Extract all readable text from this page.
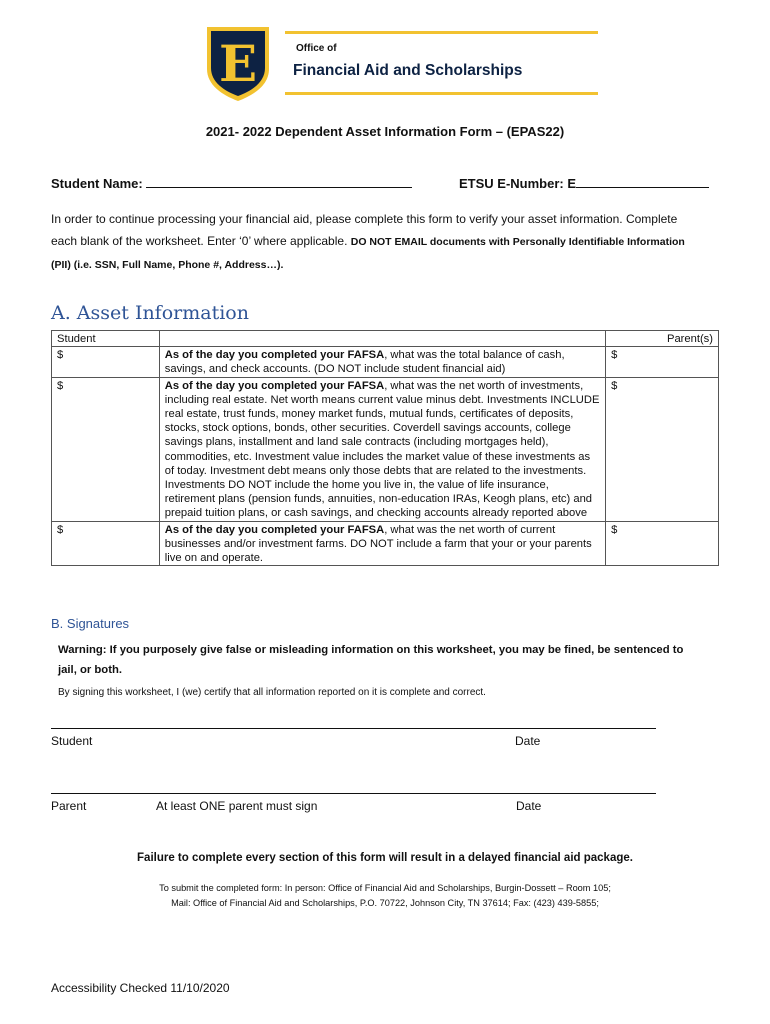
E	Office of
Financial Aid and Scholarships
2021- 2022 Dependent Asset Information Form – (EPAS22)
Student Name:	ETSU E-Number: E
In order to continue processing your financial aid, please complete this form to verify your asset information. Complete each blank of the worksheet. Enter ‘0’ where applicable. DO NOT EMAIL documents with Personally Identifiable Information (PII) (i.e. SSN, Full Name, Phone #, Address…).
A. Asset Information
Student		Parent(s)
$	As of the day you completed your FAFSA, what was the total balance of cash, savings, and check accounts. (DO NOT include student financial aid)	$
$	As of the day you completed your FAFSA, what was the net worth of investments, including real estate. Net worth means current value minus debt. Investments INCLUDE real estate, trust funds, money market funds, mutual funds, certificates of deposits, stocks, stock options, bonds, other securities. Coverdell savings accounts, college savings plans, installment and land sale contracts (including mortgages held), commodities, etc. Investment value includes the market value of these investments as of today. Investment debt means only those debts that are related to the investments. Investments DO NOT include the home you live in, the value of life insurance, retirement plans (pension funds, annuities, non-education IRAs, Keogh plans, etc) and prepaid tuition plans, or cash savings, and checking accounts already reported above	$
$	As of the day you completed your FAFSA, what was the net worth of current businesses and/or investment farms. DO NOT include a farm that your or your parents live on and operate.	$
B. Signatures
Warning: If you purposely give false or misleading information on this worksheet, you may be fined, be sentenced to jail, or both.
By signing this worksheet, I (we) certify that all information reported on it is complete and correct.
Student	Date
Parent	At least ONE parent must sign	Date
Failure to complete every section of this form will result in a delayed financial aid package.
To submit the completed form: In person: Office of Financial Aid and Scholarships, Burgin-Dossett – Room 105;
Mail: Office of Financial Aid and Scholarships, P.O. 70722, Johnson City, TN 37614; Fax: (423) 439-5855;
Accessibility Checked 11/10/2020
